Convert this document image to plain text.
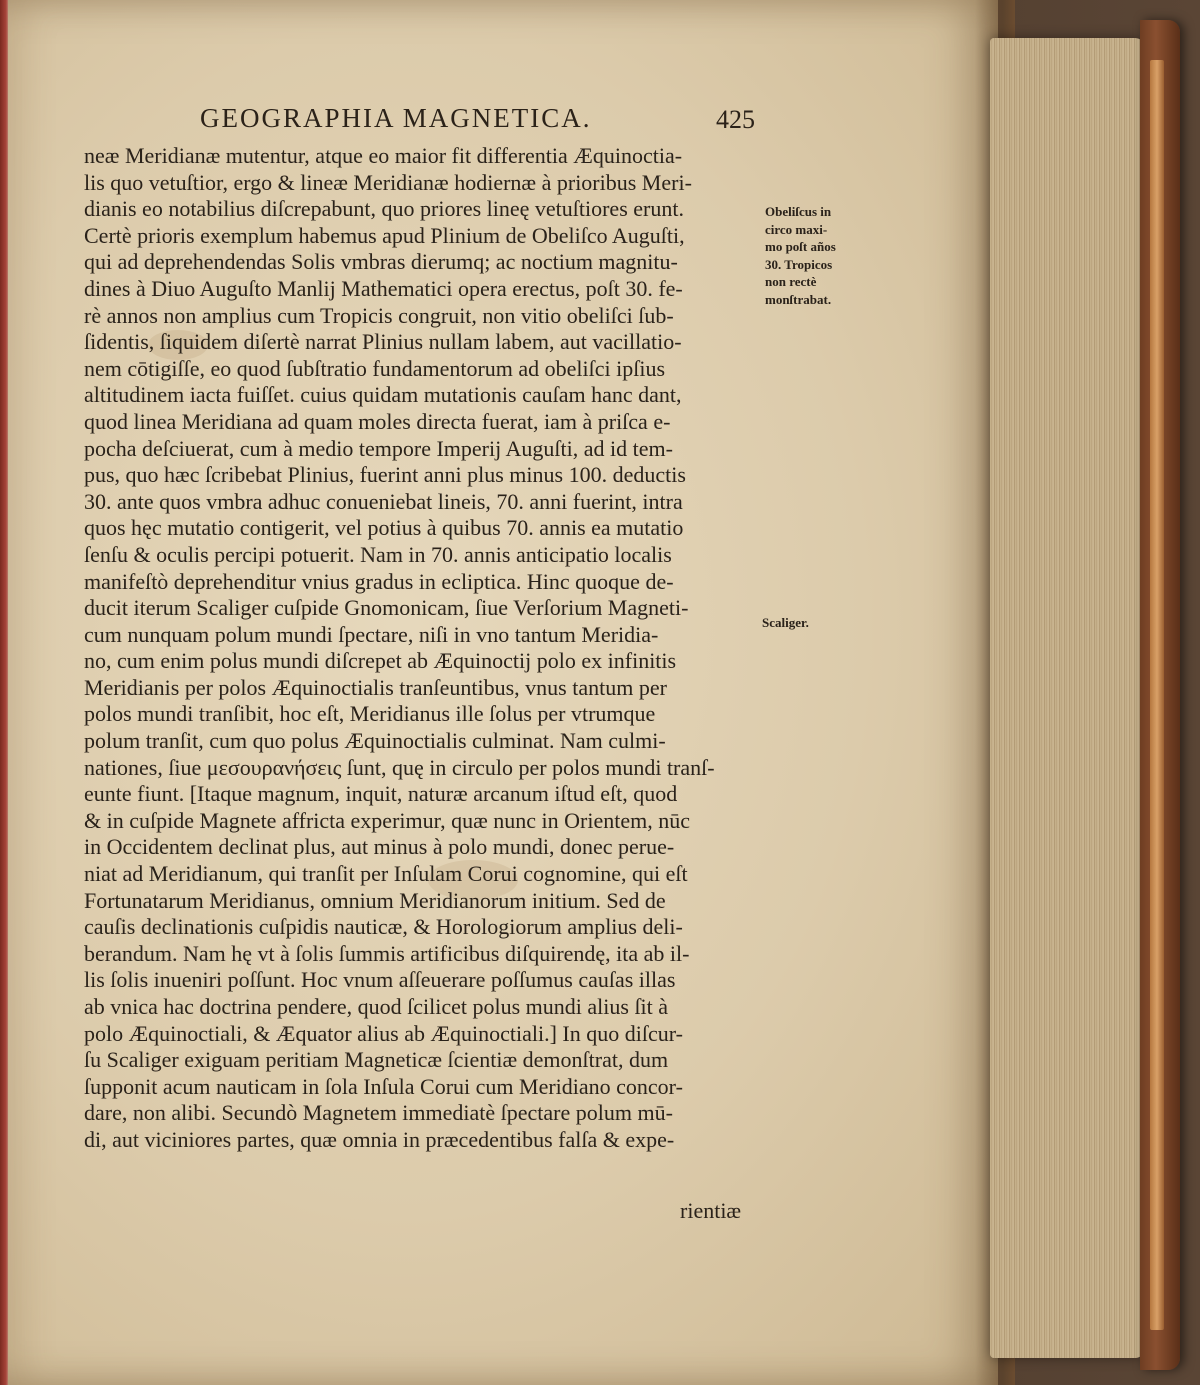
GEOGRAPHIA MAGNETICA.	425
neæ Meridianæ mutentur, atque eo maior fit differentia Æquinoctia-
lis quo vetuſtior, ergo & lineæ Meridianæ hodiernæ à prioribus Meri-
dianis eo notabilius diſcrepabunt, quo priores lineę vetuſtiores erunt.
Certè prioris exemplum habemus apud Plinium de Obeliſco Auguſti,
qui ad deprehendendas Solis vmbras dierumq; ac noctium magnitu-
dines à Diuo Auguſto Manlij Mathematici opera erectus, poſt 30. fe-
rè annos non amplius cum Tropicis congruit, non vitio obeliſci ſub-
ſidentis, ſiquidem diſertè narrat Plinius nullam labem, aut vacillatio-
nem cōtigiſſe, eo quod ſubſtratio fundamentorum ad obeliſci ipſius
altitudinem iacta fuiſſet. cuius quidam mutationis cauſam hanc dant,
quod linea Meridiana ad quam moles directa fuerat, iam à priſca e-
pocha deſciuerat, cum à medio tempore Imperij Auguſti, ad id tem-
pus, quo hæc ſcribebat Plinius, fuerint anni plus minus 100. deductis
30. ante quos vmbra adhuc conueniebat lineis, 70. anni fuerint, intra
quos hęc mutatio contigerit, vel potius à quibus 70. annis ea mutatio
ſenſu & oculis percipi potuerit. Nam in 70. annis anticipatio localis
manifeſtò deprehenditur vnius gradus in ecliptica. Hinc quoque de-
ducit iterum Scaliger cuſpide Gnomonicam, ſiue Verſorium Magneti-
cum nunquam polum mundi ſpectare, niſi in vno tantum Meridia-
no, cum enim polus mundi diſcrepet ab Æquinoctij polo ex infinitis
Meridianis per polos Æquinoctialis tranſeuntibus, vnus tantum per
polos mundi tranſibit, hoc eſt, Meridianus ille ſolus per vtrumque
polum tranſit, cum quo polus Æquinoctialis culminat. Nam culmi-
nationes, ſiue μεσουρανήσεις ſunt, quę in circulo per polos mundi tranſ-
eunte fiunt. [Itaque magnum, inquit, naturæ arcanum iſtud eſt, quod
& in cuſpide Magnete affricta experimur, quæ nunc in Orientem, nūc
in Occidentem declinat plus, aut minus à polo mundi, donec perue-
niat ad Meridianum, qui tranſit per Inſulam Corui cognomine, qui eſt
Fortunatarum Meridianus, omnium Meridianorum initium. Sed de
cauſis declinationis cuſpidis nauticæ, & Horologiorum amplius deli-
berandum. Nam hę vt à ſolis ſummis artificibus diſquirendę, ita ab il-
lis ſolis inueniri poſſunt. Hoc vnum aſſeuerare poſſumus cauſas illas
ab vnica hac doctrina pendere, quod ſcilicet polus mundi alius ſit à
polo Æquinoctiali, & Æquator alius ab Æquinoctiali.] In quo diſcur-
ſu Scaliger exiguam peritiam Magneticæ ſcientiæ demonſtrat, dum
ſupponit acum nauticam in ſola Inſula Corui cum Meridiano concor-
dare, non alibi. Secundò Magnetem immediatè ſpectare polum mū-
di, aut viciniores partes, quæ omnia in præcedentibus falſa & expe-
rientiæ
Obeliſcus in
circo maxi-
mo poſt años
30. Tropicos
non rectè
monſtrabat.
Scaliger.
